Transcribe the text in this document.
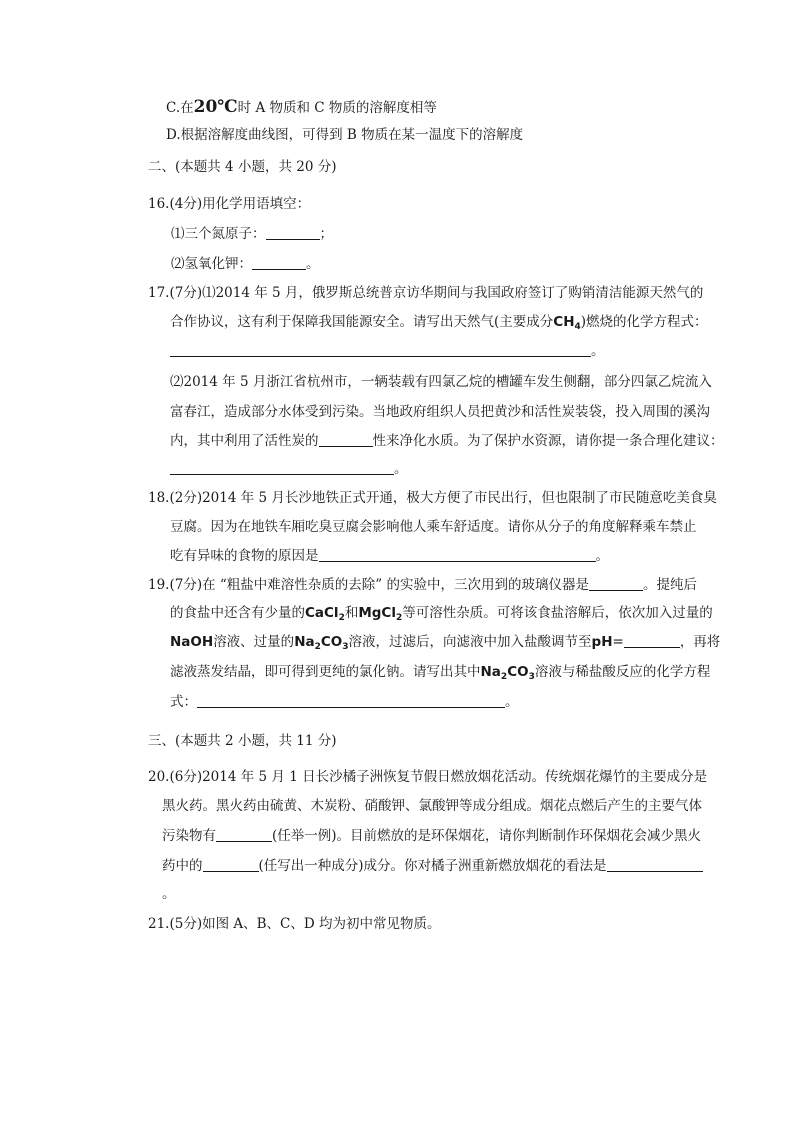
C.在20℃时 A 物质和 C 物质的溶解度相等
D.根据溶解度曲线图，可得到 B 物质在某一温度下的溶解度
二、(本题共 4 小题，共 20 分)
16.(4分)用化学用语填空：
⑴三个氮原子：	；
⑵氢氧化钾：	。
17.(7分)⑴2014 年 5 月，俄罗斯总统普京访华期间与我国政府签订了购销清洁能源天然气的
合作协议，这有利于保障我国能源安全。请写出天然气(主要成分$CH_4$)燃烧的化学方程式：
。
⑵2014 年 5 月浙江省杭州市，一辆装载有四氯乙烷的槽罐车发生侧翻，部分四氯乙烷流入
富春江，造成部分水体受到污染。当地政府组织人员把黄沙和活性炭装袋，投入周围的溪沟
内，其中利用了活性炭的	性来净化水质。为了保护水资源，请你提一条合理化建议：
。
18.(2分)2014 年 5 月长沙地铁正式开通，极大方便了市民出行，但也限制了市民随意吃美食臭
豆腐。因为在地铁车厢吃臭豆腐会影响他人乘车舒适度。请你从分子的角度解释乘车禁止
吃有异味的食物的原因是	。
19.(7分)在 “粗盐中难溶性杂质的去除” 的实验中，三次用到的玻璃仪器是	。提纯后
的食盐中还含有少量的CaCl$_2$和MgCl$_2$等可溶性杂质。可将该食盐溶解后，依次加入过量的
NaOH溶液、过量的$Na_2CO_3$溶液，过滤后，向滤液中加入盐酸调节至pH=	，再将
滤液蒸发结晶，即可得到更纯的氯化钠。请写出其中$Na_2CO_3$溶液与稀盐酸反应的化学方程
式：	。
三、(本题共 2 小题，共 11 分)
20.(6分)2014 年 5 月 1 日长沙橘子洲恢复节假日燃放烟花活动。传统烟花爆竹的主要成分是
黑火药。黑火药由硫黄、木炭粉、硝酸钾、氯酸钾等成分组成。烟花点燃后产生的主要气体
污染物有	(任举一例)。目前燃放的是环保烟花，请你判断制作环保烟花会减少黑火
药中的	(任写出一种成分)成分。你对橘子洲重新燃放烟花的看法是
。
21.(5分)如图 A、B、C、D 均为初中常见物质。
